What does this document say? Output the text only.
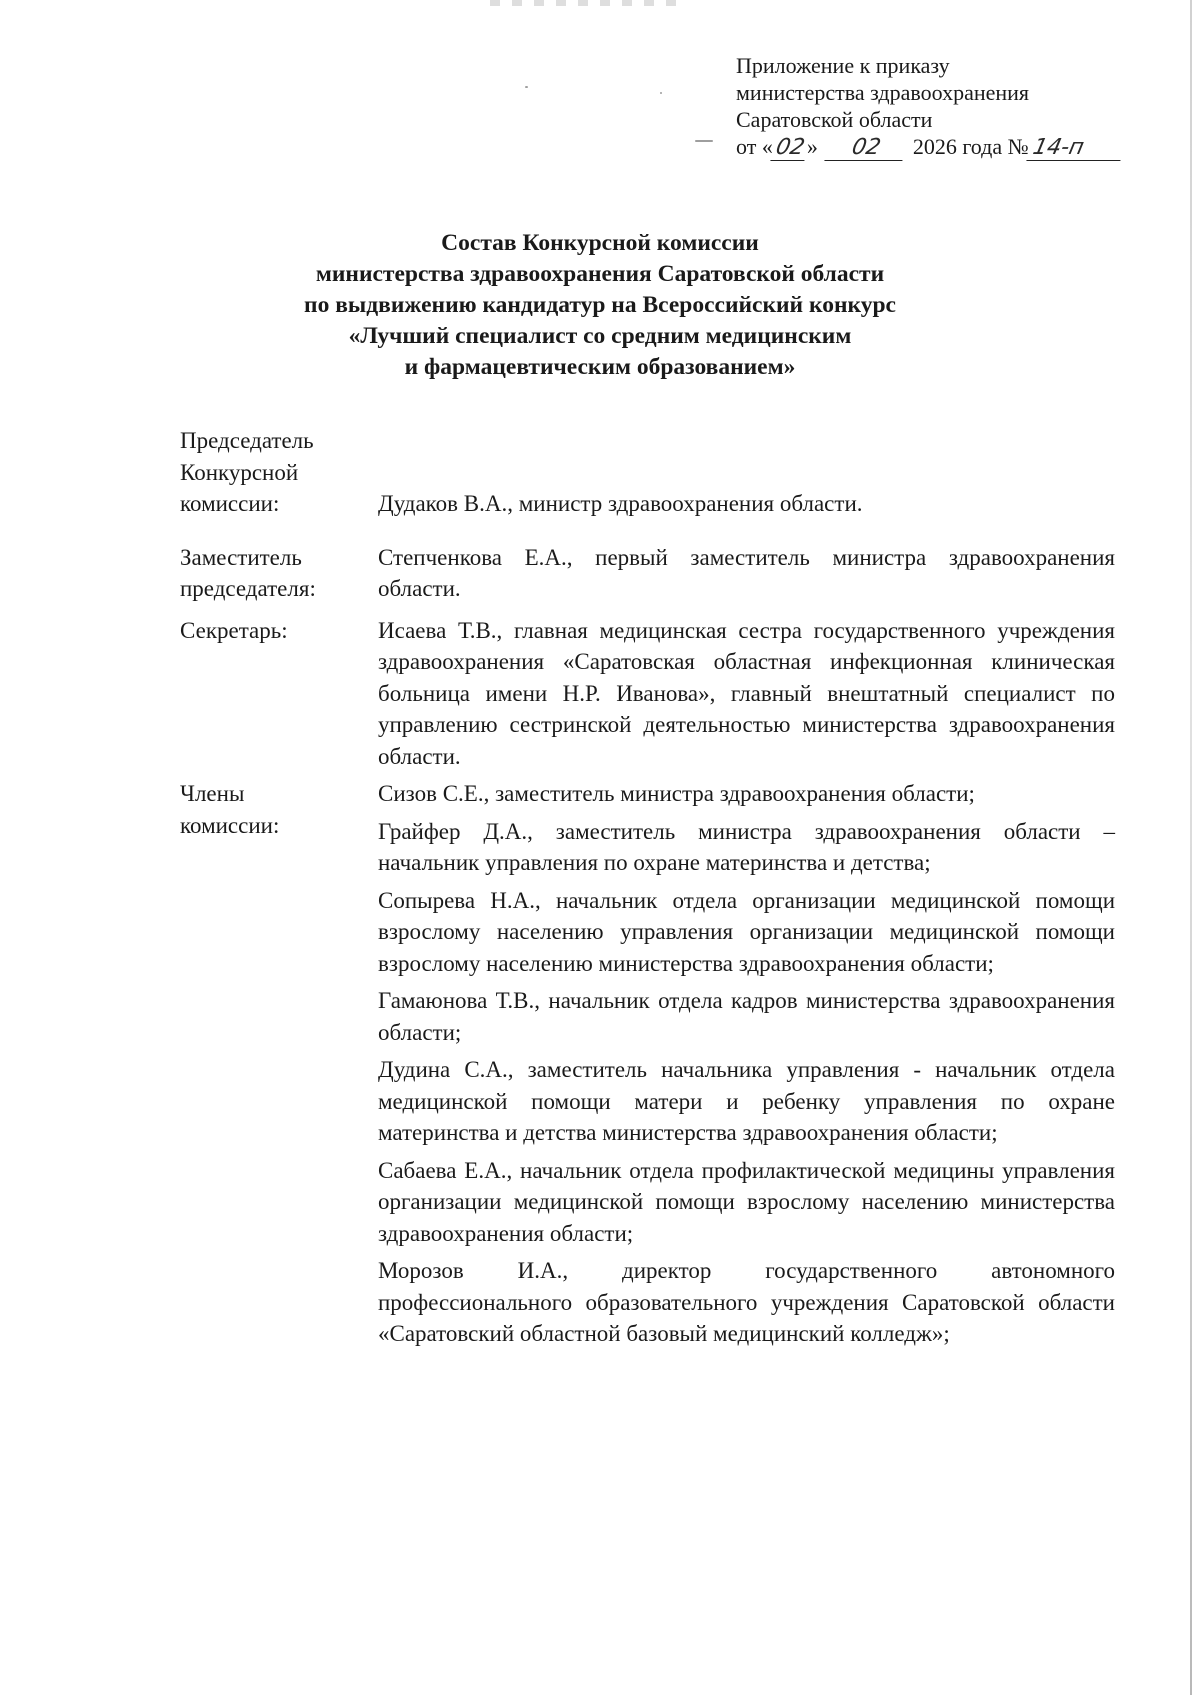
Приложение к приказу
министерства здравоохранения
Саратовской области
от «02» 02 2026 года №14-п
Состав Конкурсной комиссии
министерства здравоохранения Саратовской области
по выдвижению кандидатур на Всероссийский конкурс
«Лучший специалист со средним медицинским
и фармацевтическим образованием»
Председатель
Конкурсной
комиссии:	Дудаков В.А., министр здравоохранения области.

Заместитель
председателя:

Степченкова Е.А., первый заместитель министра здравоохранения области.

Секретарь:	Исаева Т.В., главная медицинская сестра государственного учреждения здравоохранения «Саратовская областная инфекционная клиническая больница имени Н.Р. Иванова», главный внештатный специалист по управлению сестринской деятельностью министерства здравоохранения области.

Члены
комиссии:

Сизов С.Е., заместитель министра здравоохранения области;

Грайфер Д.А., заместитель министра здравоохранения области – начальник управления по охране материнства и детства;

Сопырева Н.А., начальник отдела организации медицинской помощи взрослому населению управления организации медицинской помощи взрослому населению министерства здравоохранения области;

Гамаюнова Т.В., начальник отдела кадров министерства здравоохранения области;

Дудина С.А., заместитель начальника управления - начальник отдела медицинской помощи матери и ребенку управления по охране материнства и детства министерства здравоохранения области;

Сабаева Е.А., начальник отдела профилактической медицины управления организации медицинской помощи взрослому населению министерства здравоохранения области;

Морозов И.А., директор государственного автономного профессионального образовательного учреждения Саратовской области «Саратовский областной базовый медицинский колледж»;
